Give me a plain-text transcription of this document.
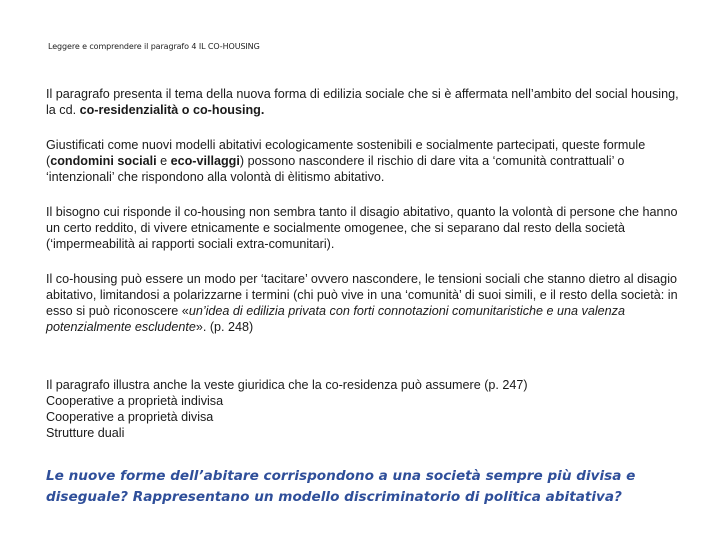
Leggere e comprendere il paragrafo 4 IL CO-HOUSING

Il paragrafo presenta il tema della nuova forma di edilizia sociale che si è affermata nell’ambito del social housing, la cd. co-residenzialità o co-housing.

Giustificati come nuovi modelli abitativi ecologicamente sostenibili e socialmente partecipati, queste formule (condomini sociali e eco-villaggi) possono nascondere il rischio di dare vita a ‘comunità contrattuali’ o ‘intenzionali’ che rispondono alla volontà di èlitismo abitativo.

Il bisogno cui risponde il co-housing non sembra tanto il disagio abitativo, quanto la volontà di persone che hanno un certo reddito, di vivere etnicamente e socialmente omogenee, che si separano dal resto della società (‘impermeabilità ai rapporti sociali extra-comunitari).

Il co-housing può essere un modo per ‘tacitare’ ovvero nascondere, le tensioni sociali che stanno dietro al disagio abitativo, limitandosi a polarizzarne i termini (chi può vive in una ‘comunità’ di suoi simili, e il resto della società: in esso si può riconoscere «un’idea di edilizia privata con forti connotazioni comunitaristiche e una valenza potenzialmente escludente». (p. 248)

Il paragrafo illustra anche la veste giuridica che la co-residenza può assumere (p. 247)

Cooperative a proprietà indivisa

Cooperative a proprietà divisa

Strutture duali

Le nuove forme dell’abitare corrispondono a una società sempre più divisa e diseguale? Rappresentano un modello discriminatorio di politica abitativa?
